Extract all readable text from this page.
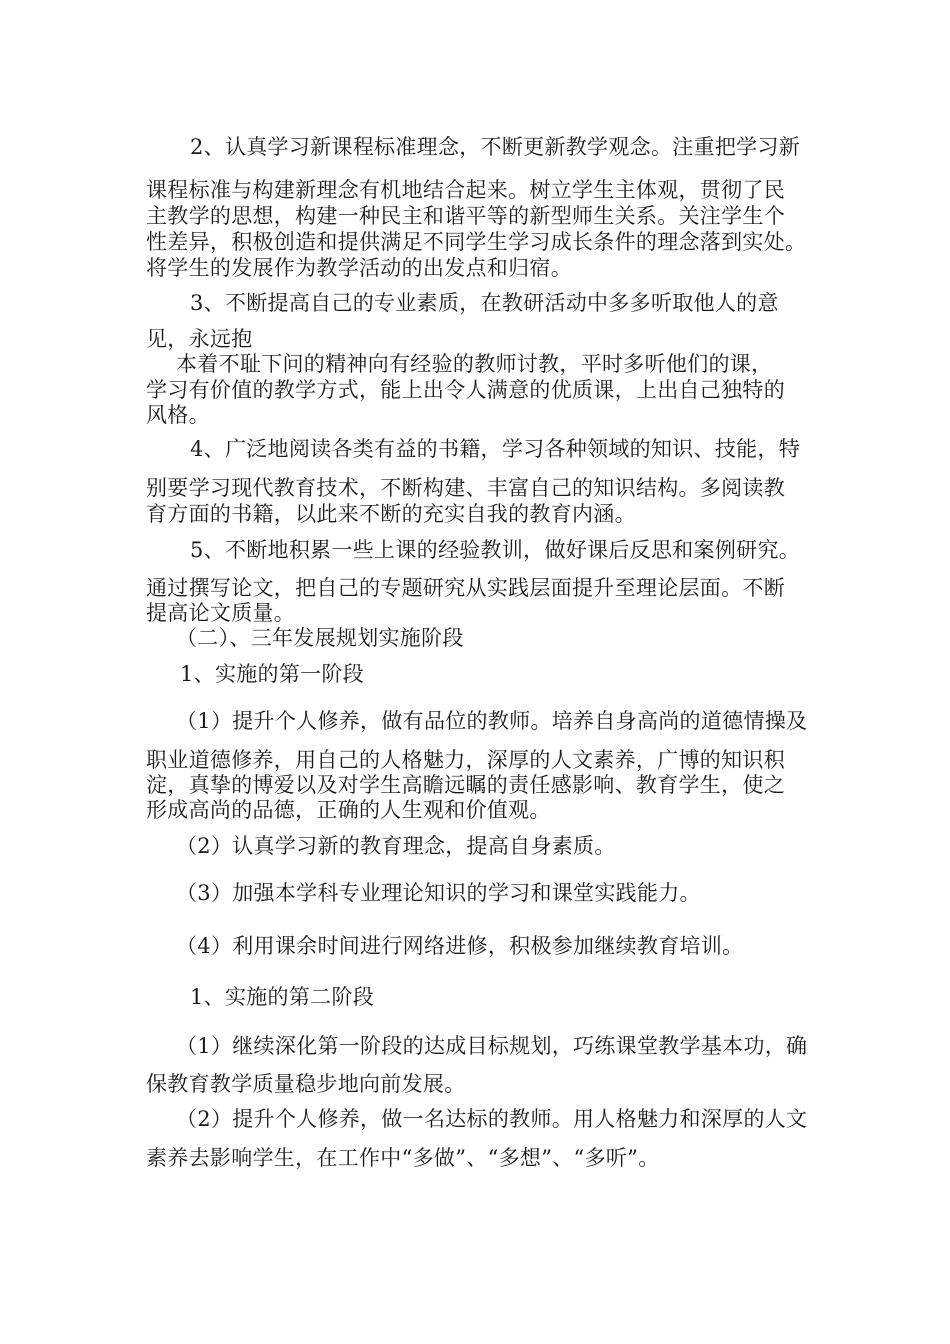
2、认真学习新课程标准理念，不断更新教学观念。注重把学习新
课程标准与构建新理念有机地结合起来。树立学生主体观，贯彻了民
主教学的思想，构建一种民主和谐平等的新型师生关系。关注学生个
性差异，积极创造和提供满足不同学生学习成长条件的理念落到实处。
将学生的发展作为教学活动的出发点和归宿。
3、不断提高自己的专业素质，在教研活动中多多听取他人的意
见，永远抱
本着不耻下问的精神向有经验的教师讨教，平时多听他们的课，
学习有价值的教学方式，能上出令人满意的优质课，上出自己独特的
风格。
4、广泛地阅读各类有益的书籍，学习各种领域的知识、技能，特
别要学习现代教育技术，不断构建、丰富自己的知识结构。多阅读教
育方面的书籍，以此来不断的充实自我的教育内涵。
5、不断地积累一些上课的经验教训，做好课后反思和案例研究。
通过撰写论文，把自己的专题研究从实践层面提升至理论层面。不断
提高论文质量。
（二）、三年发展规划实施阶段
1、实施的第一阶段
（1）提升个人修养，做有品位的教师。培养自身高尚的道德情操及
职业道德修养，用自己的人格魅力，深厚的人文素养，广博的知识积
淀，真挚的博爱以及对学生高瞻远瞩的责任感影响、教育学生，使之
形成高尚的品德，正确的人生观和价值观。
（2）认真学习新的教育理念，提高自身素质。
（3）加强本学科专业理论知识的学习和课堂实践能力。
（4）利用课余时间进行网络进修，积极参加继续教育培训。
1、实施的第二阶段
（1）继续深化第一阶段的达成目标规划，巧练课堂教学基本功，确
保教育教学质量稳步地向前发展。
（2）提升个人修养，做一名达标的教师。用人格魅力和深厚的人文
素养去影响学生，在工作中“多做”、“多想”、“多听”。
